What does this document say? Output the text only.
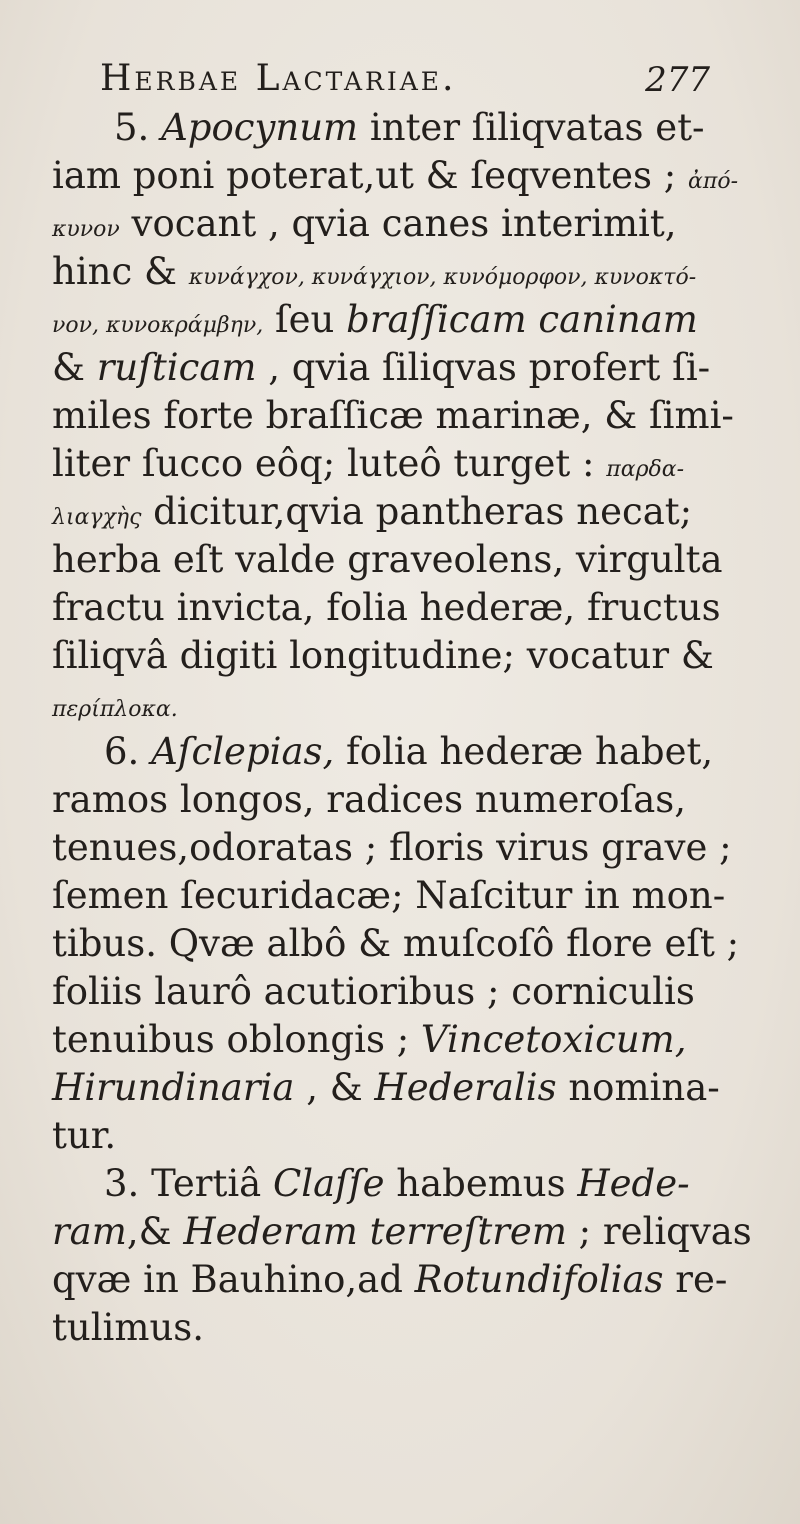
Herbae Lactariae.	277
5. Apocynum inter ſiliqvatas et-
iam poni poterat,ut & ſeqventes ; ἀπό-
κυνον vocant , qvia canes interimit,
hinc & κυνάγχον, κυνάγχιον, κυνόμορφον, κυνοκτό-
νον, κυνοκράμβην, ſeu braſſicam caninam
& ruſticam , qvia ſiliqvas profert ſi-
miles forte braſſicæ marinæ, & ſimi-
liter ſucco eôq; luteô turget : παρδα-
λιαγχὴς dicitur,qvia pantheras necat;
herba eſt valde graveolens, virgulta
fractu invicta, folia hederæ, fructus
ſiliqvâ digiti longitudine; vocatur &
περίπλοκα.
6. Aſclepias, folia hederæ habet,
ramos longos, radices numeroſas,
tenues,odoratas ; floris virus grave ;
ſemen ſecuridacæ; Naſcitur in mon-
tibus. Qvæ albô & muſcoſô flore eſt ;
foliis laurô acutioribus ; corniculis
tenuibus oblongis ; Vincetoxicum,
Hirundinaria , & Hederalis nomina-
tur.
3. Tertiâ Claſſe habemus Hede-
ram,& Hederam terreſtrem ; reliqvas
qvæ in Bauhino,ad Rotundifolias re-
tulimus.
